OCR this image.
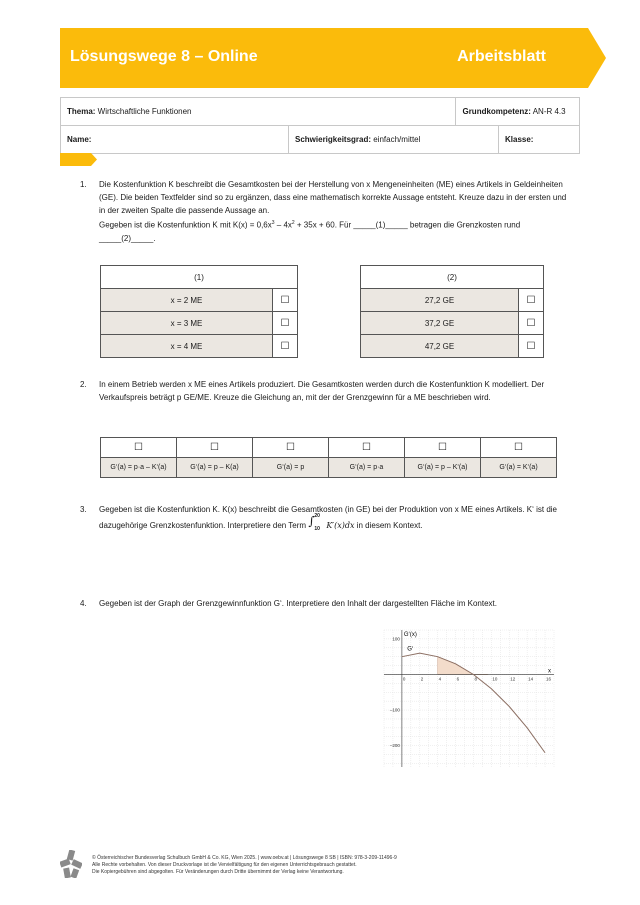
Lösungswege 8 – Online	Arbeitsblatt
Thema: Wirtschaftliche Funktionen		Grundkompetenz: AN-R 4.3	
Name:	Schwierigkeitsgrad: einfach/mittel		Klasse:
1. Die Kostenfunktion K beschreibt die Gesamtkosten bei der Herstellung von x Mengeneinheiten (ME) eines Artikels in Geldeinheiten (GE). Die beiden Textfelder sind so zu ergänzen, dass eine mathematisch korrekte Aussage entsteht. Kreuze dazu in der ersten und in der zweiten Spalte die passende Aussage an.
Gegeben ist die Kostenfunktion K mit $K(x) = 0,6x^3 - 4x^2 + 35x + 60$. Für _____(1)_____ betragen die Grenzkosten rund _____(2)_____.
(1)	
x = 2 ME	☐
x = 3 ME	☐
x = 4 ME	☐
(2)	
27,2 GE	☐
37,2 GE	☐
47,2 GE	☐
2. In einem Betrieb werden x ME eines Artikels produziert. Die Gesamtkosten werden durch die Kostenfunktion K modelliert. Der Verkaufspreis beträgt p GE/ME. Kreuze die Gleichung an, mit der der Grenzgewinn für a ME beschrieben wird.
☐	☐	☐	☐	☐	☐
G‘(a) = p·a – K‘(a)	G‘(a) = p – K(a)	G‘(a) = p	G‘(a) = p·a	G‘(a) = p – K‘(a)	G‘(a) = K‘(a)
3. Gegeben ist die Kostenfunktion K. K(x) beschreibt die Gesamtkosten (in GE) bei der Produktion von x ME eines Artikels. K‘ ist die dazugehörige Grenzkostenfunktion. Interpretiere den Term ∫ 20
10 K′(x)dx in diesem Kontext.
4. Gegeben ist der Graph der Grenzgewinnfunktion G‘. Interpretiere den Inhalt der dargestellten Fläche im Kontext.
0	2	4	6	8	10	12	14	16
100
–100
–200
G‘(x)
x
G‘
© Österreichischer Bundesverlag Schulbuch GmbH & Co. KG, Wien 2025. | www.oebv.at | Lösungswege 8 SB | ISBN: 978-3-209-11496-9
Alle Rechte vorbehalten. Von dieser Druckvorlage ist die Vervielfältigung für den eigenen Unterrichtsgebrauch gestattet.
Die Kopiergebühren sind abgegolten. Für Veränderungen durch Dritte übernimmt der Verlag keine Verantwortung.
